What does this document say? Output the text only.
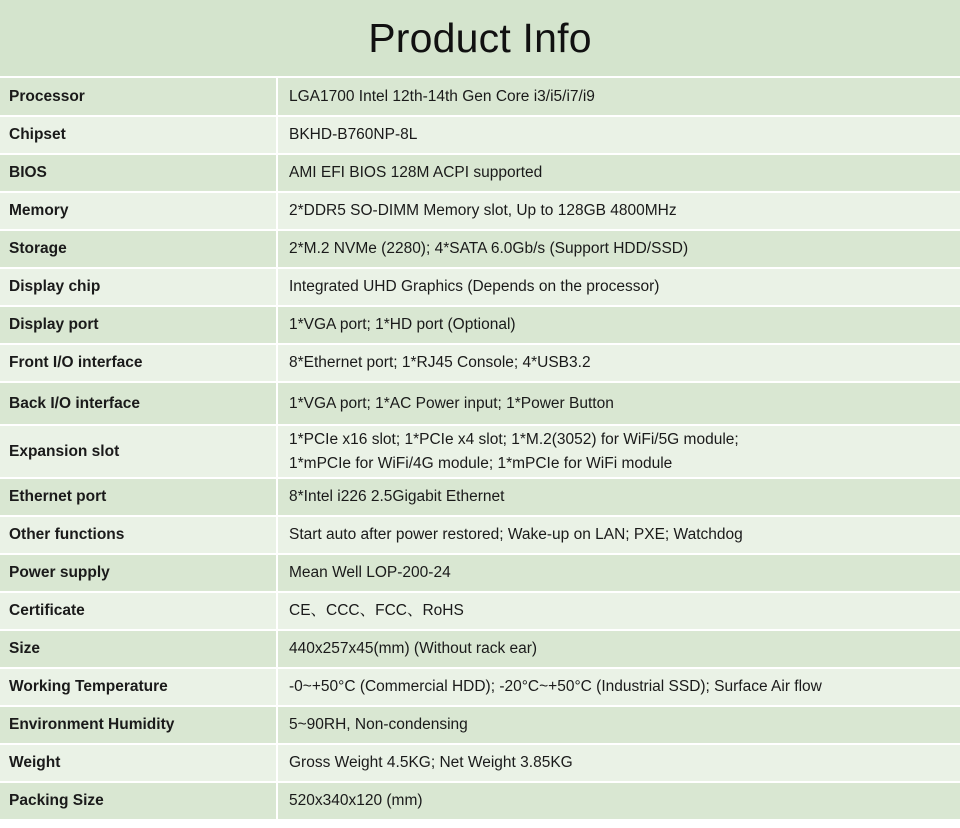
Product Info
Processor	LGA1700 Intel 12th-14th Gen Core i3/i5/i7/i9
Chipset	BKHD-B760NP-8L
BIOS	AMI EFI BIOS 128M ACPI supported
Memory	2*DDR5 SO-DIMM Memory slot, Up to 128GB 4800MHz
Storage	2*M.2 NVMe (2280); 4*SATA 6.0Gb/s (Support HDD/SSD)
Display chip	Integrated UHD Graphics (Depends on the processor)
Display port	1*VGA port; 1*HD port (Optional)
Front I/O interface	8*Ethernet port; 1*RJ45 Console; 4*USB3.2
Back I/O interface	1*VGA port; 1*AC Power input; 1*Power Button
Expansion slot	1*PCIe x16 slot; 1*PCIe x4 slot; 1*M.2(3052) for WiFi/5G module;
1*mPCIe for WiFi/4G module; 1*mPCIe for WiFi module

Ethernet port	8*Intel i226 2.5Gigabit Ethernet
Other functions	Start auto after power restored; Wake-up on LAN; PXE; Watchdog
Power supply	Mean Well LOP-200-24
Certificate	CE、CCC、FCC、RoHS
Size	440x257x45(mm) (Without rack ear)
Working Temperature	-0~+50°C (Commercial HDD); -20°C~+50°C (Industrial SSD); Surface Air flow
Environment Humidity	5~90RH, Non-condensing
Weight	Gross Weight 4.5KG; Net Weight 3.85KG
Packing Size	520x340x120 (mm)
